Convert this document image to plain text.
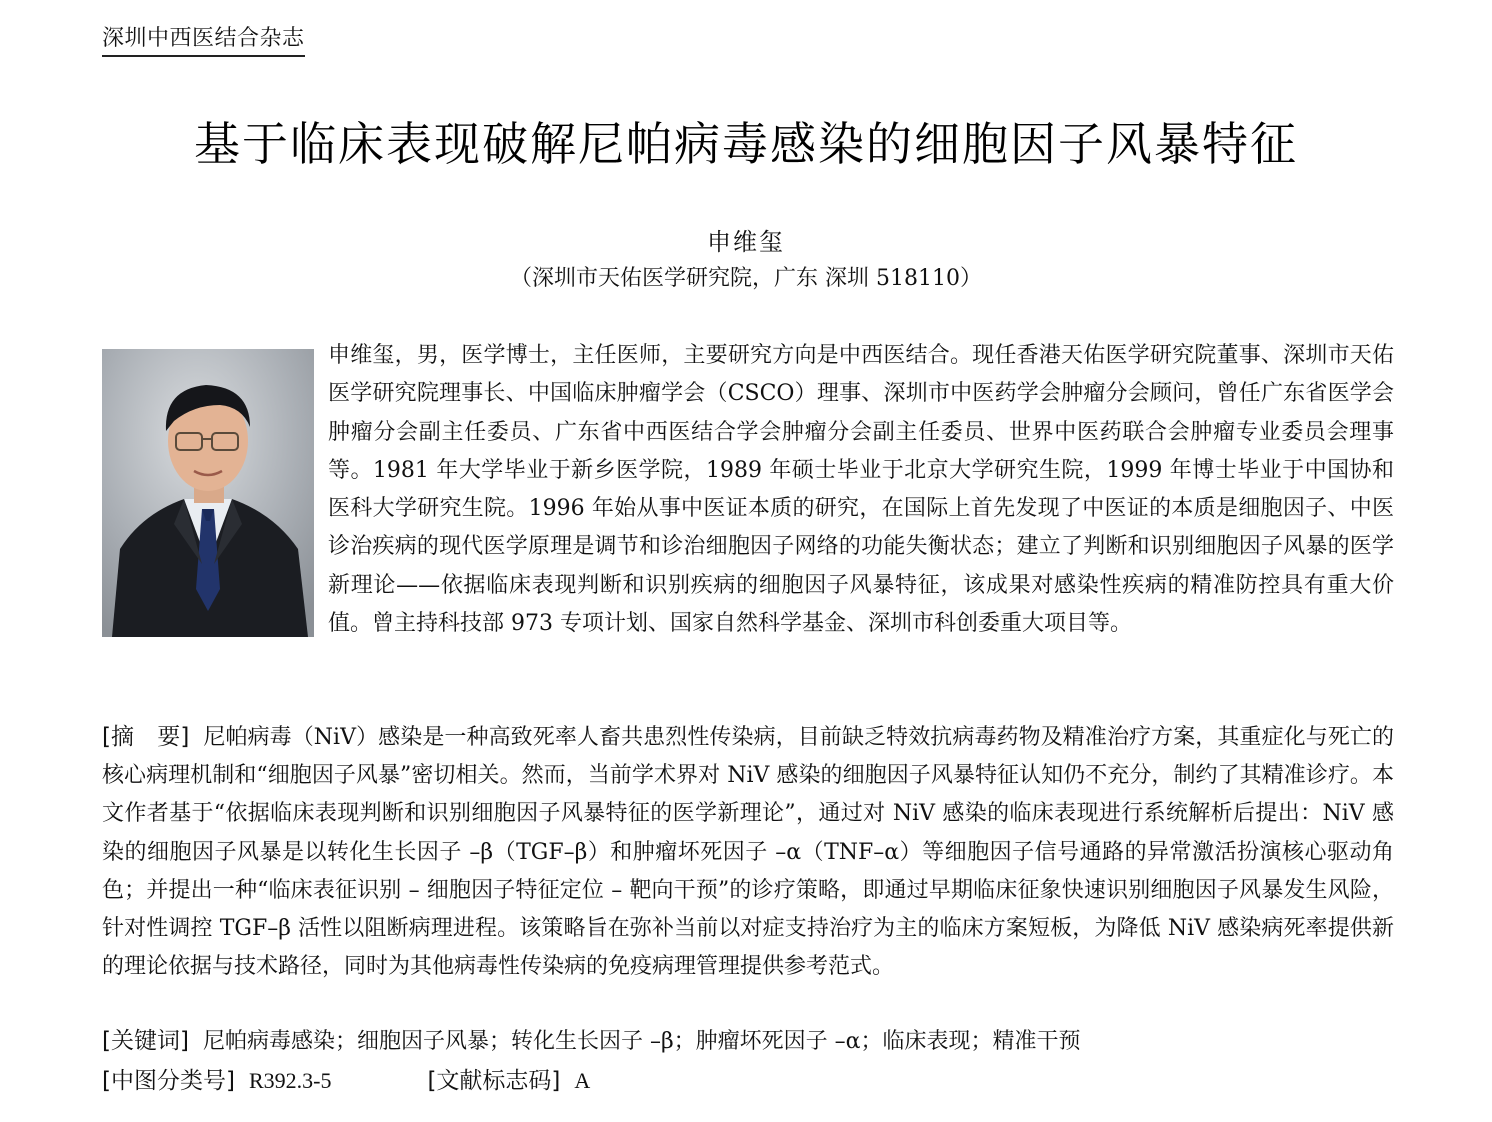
深圳中西医结合杂志
基于临床表现破解尼帕病毒感染的细胞因子风暴特征
申维玺
（深圳市天佑医学研究院，广东 深圳 518110）
申维玺，男，医学博士，主任医师，主要研究方向是中西医结合。现任香港天佑医学研究院董事、深圳市天佑医学研究院理事长、中国临床肿瘤学会（CSCO）理事、深圳市中医药学会肿瘤分会顾问，曾任广东省医学会肿瘤分会副主任委员、广东省中西医结合学会肿瘤分会副主任委员、世界中医药联合会肿瘤专业委员会理事等。1981 年大学毕业于新乡医学院，1989 年硕士毕业于北京大学研究生院，1999 年博士毕业于中国协和医科大学研究生院。1996 年始从事中医证本质的研究，在国际上首先发现了中医证的本质是细胞因子、中医诊治疾病的现代医学原理是调节和诊治细胞因子网络的功能失衡状态；建立了判断和识别细胞因子风暴的医学新理论——依据临床表现判断和识别疾病的细胞因子风暴特征，该成果对感染性疾病的精准防控具有重大价值。曾主持科技部 973 专项计划、国家自然科学基金、深圳市科创委重大项目等。
[摘　要] 尼帕病毒（NiV）感染是一种高致死率人畜共患烈性传染病，目前缺乏特效抗病毒药物及精准治疗方案，其重症化与死亡的核心病理机制和“细胞因子风暴”密切相关。然而，当前学术界对 NiV 感染的细胞因子风暴特征认知仍不充分，制约了其精准诊疗。本文作者基于“依据临床表现判断和识别细胞因子风暴特征的医学新理论”，通过对 NiV 感染的临床表现进行系统解析后提出：NiV 感染的细胞因子风暴是以转化生长因子 –β（TGF–β）和肿瘤坏死因子 –α（TNF–α）等细胞因子信号通路的异常激活扮演核心驱动角色；并提出一种“临床表征识别 – 细胞因子特征定位 – 靶向干预”的诊疗策略，即通过早期临床征象快速识别细胞因子风暴发生风险，针对性调控 TGF–β 活性以阻断病理进程。该策略旨在弥补当前以对症支持治疗为主的临床方案短板，为降低 NiV 感染病死率提供新的理论依据与技术路径，同时为其他病毒性传染病的免疫病理管理提供参考范式。
[关键词] 尼帕病毒感染；细胞因子风暴；转化生长因子 –β；肿瘤坏死因子 –α；临床表现；精准干预
[中图分类号] R392.3-5	[文献标志码] A
